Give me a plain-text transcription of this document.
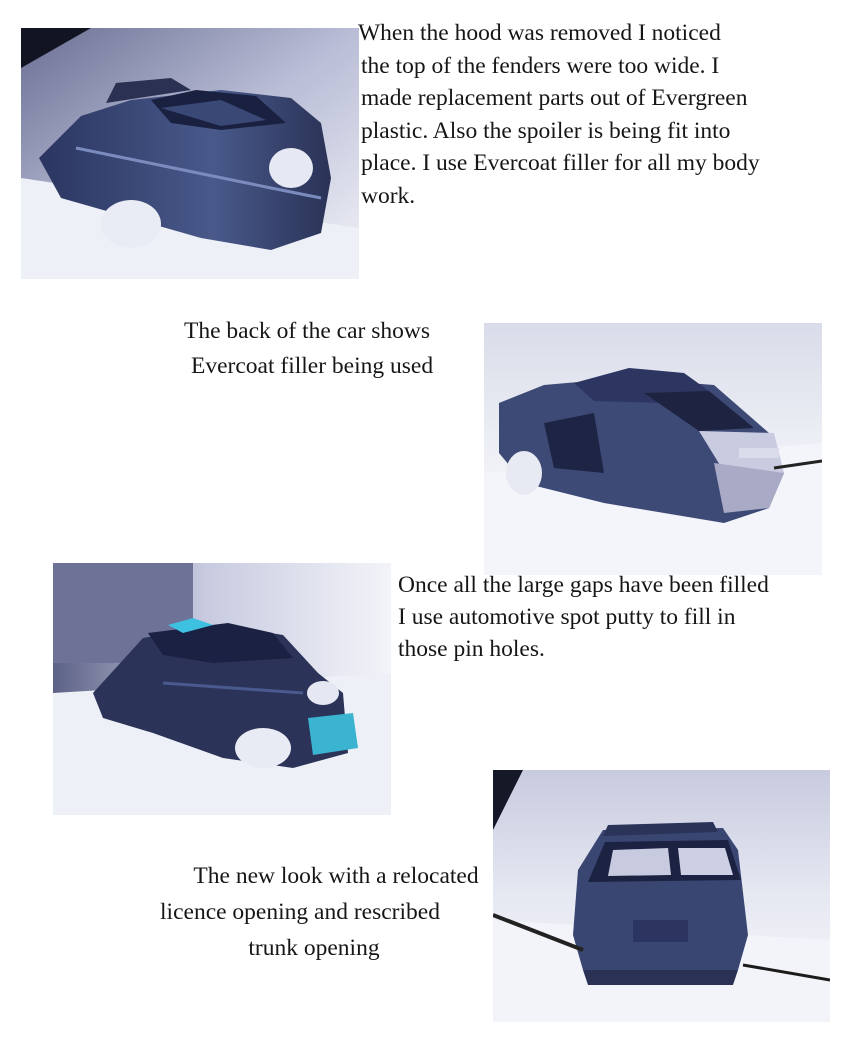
When the hood was removed I noticed
the top of the fenders were too wide. I
made replacement parts out of Evergreen
plastic. Also the spoiler is being fit into
place. I use Evercoat filler for all my body
work.

The back of the car shows
Evercoat filler being used

Once all the large gaps have been filled
I use automotive spot putty to fill in
those pin holes.

The new look with a relocated
licence opening and rescribed
trunk opening
